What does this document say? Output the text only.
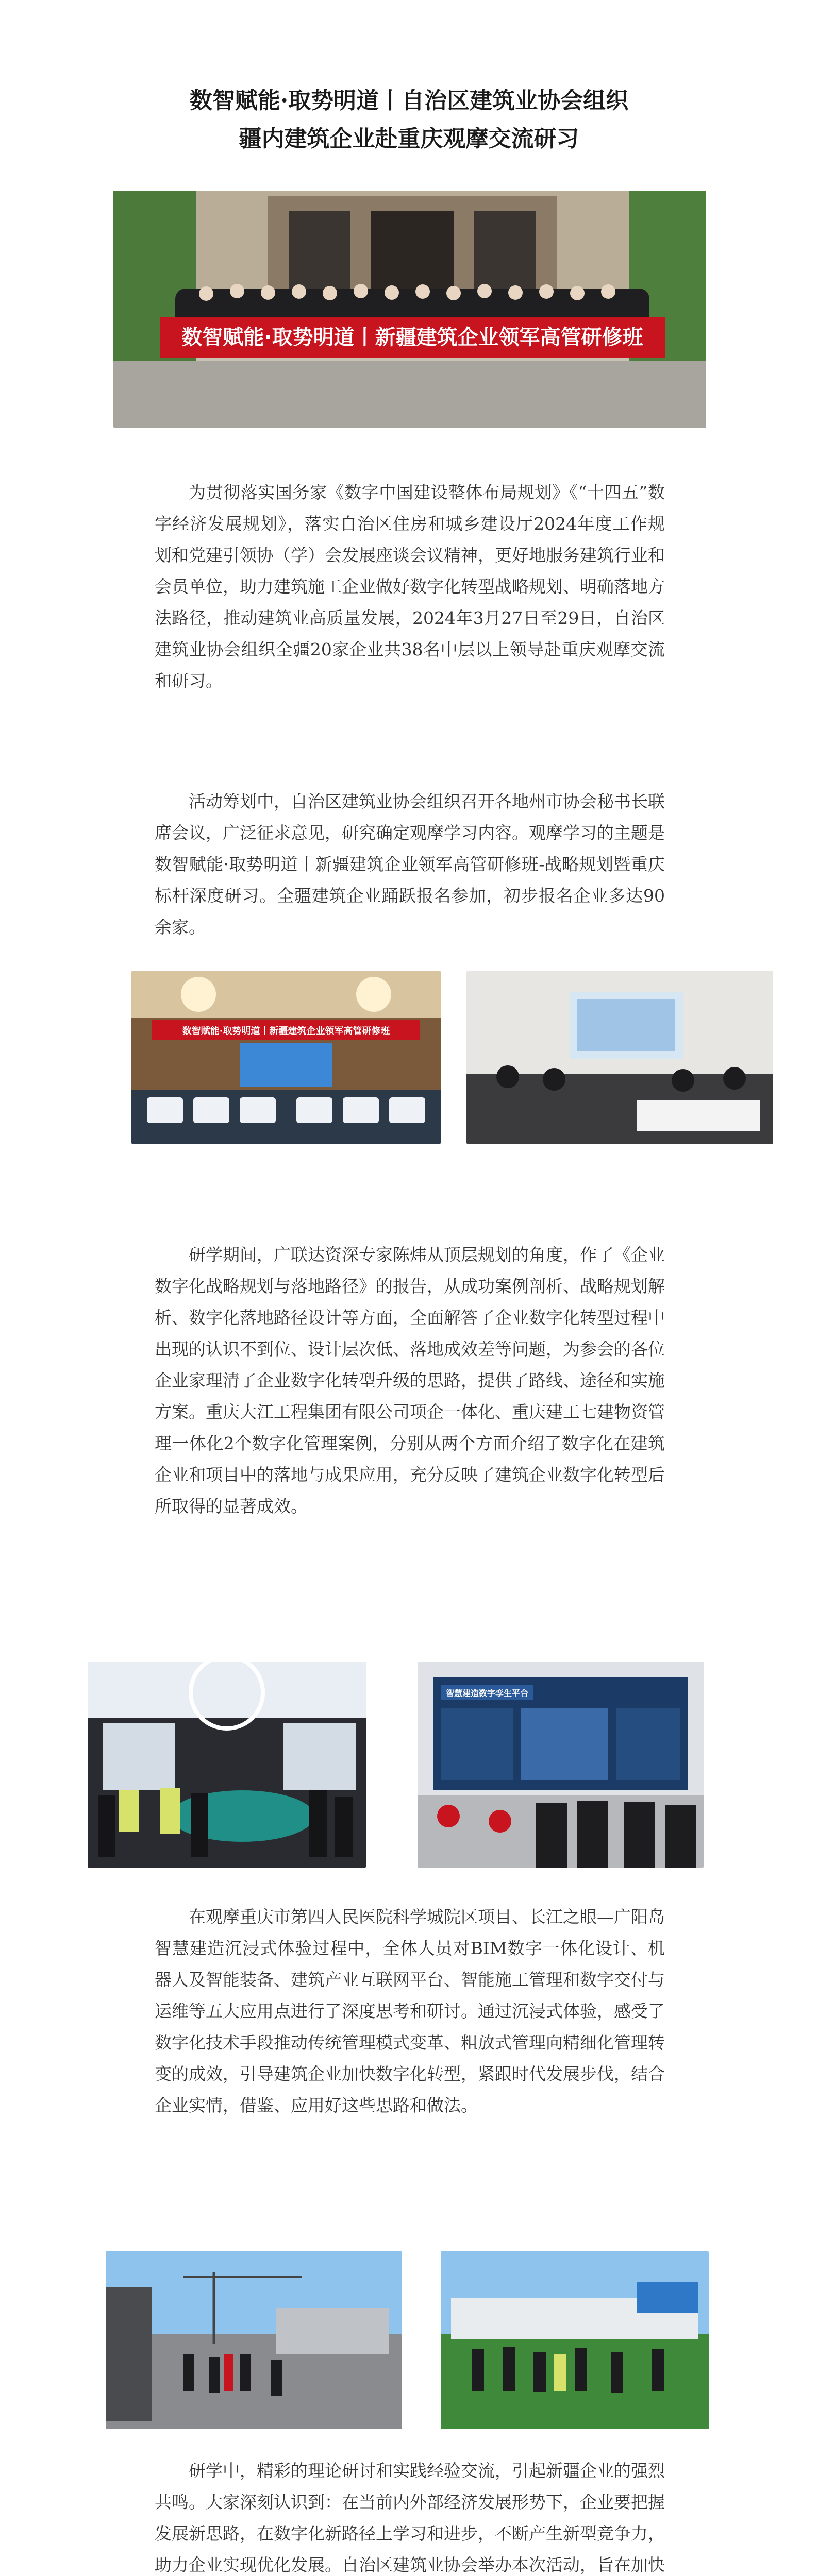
数智赋能·取势明道丨自治区建筑业协会组织
疆内建筑企业赴重庆观摩交流研习
数智赋能·取势明道丨新疆建筑企业领军高管研修班

为贯彻落实国务家《数字中国建设整体布局规划》《“十四五”数字经济发展规划》，落实自治区住房和城乡建设厅2024年度工作规划和党建引领协（学）会发展座谈会议精神，更好地服务建筑行业和会员单位，助力建筑施工企业做好数字化转型战略规划、明确落地方法路径，推动建筑业高质量发展，2024年3月27日至29日，自治区建筑业协会组织全疆20家企业共38名中层以上领导赴重庆观摩交流和研习。

活动筹划中，自治区建筑业协会组织召开各地州市协会秘书长联席会议，广泛征求意见，研究确定观摩学习内容。观摩学习的主题是数智赋能·取势明道丨新疆建筑企业领军高管研修班-战略规划暨重庆标杆深度研习。全疆建筑企业踊跃报名参加，初步报名企业多达90余家。

数智赋能·取势明道丨新疆建筑企业领军高管研修班

研学期间，广联达资深专家陈炜从顶层规划的角度，作了《企业数字化战略规划与落地路径》的报告，从成功案例剖析、战略规划解析、数字化落地路径设计等方面，全面解答了企业数字化转型过程中出现的认识不到位、设计层次低、落地成效差等问题，为参会的各位企业家理清了企业数字化转型升级的思路，提供了路线、途径和实施方案。重庆大江工程集团有限公司项企一体化、重庆建工七建物资管理一体化2个数字化管理案例，分别从两个方面介绍了数字化在建筑企业和项目中的落地与成果应用，充分反映了建筑企业数字化转型后所取得的显著成效。

智慧建造数字孪生平台

在观摩重庆市第四人民医院科学城院区项目、长江之眼—广阳岛智慧建造沉浸式体验过程中，全体人员对BIM数字一体化设计、机器人及智能装备、建筑产业互联网平台、智能施工管理和数字交付与运维等五大应用点进行了深度思考和研讨。通过沉浸式体验，感受了数字化技术手段推动传统管理模式变革、粗放式管理向精细化管理转变的成效，引导建筑企业加快数字化转型，紧跟时代发展步伐，结合企业实情，借鉴、应用好这些思路和做法。

研学中，精彩的理论研讨和实践经验交流，引起新疆企业的强烈共鸣。大家深刻认识到：在当前内外部经济发展形势下，企业要把握发展新思路，在数字化新路径上学习和进步，不断产生新型竞争力，助力企业实现优化发展。自治区建筑业协会举办本次活动，旨在加快
